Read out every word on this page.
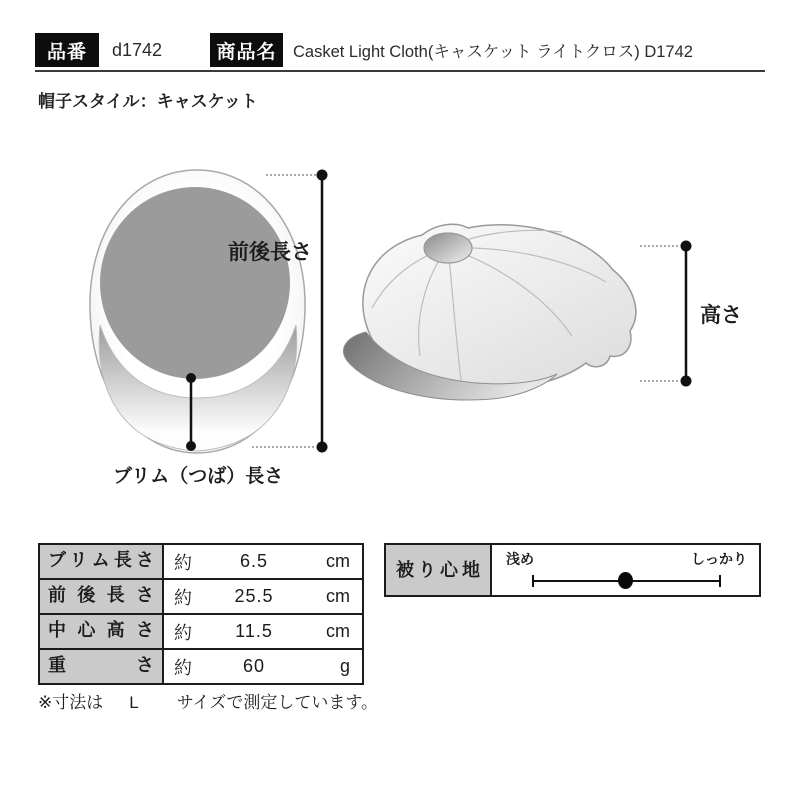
品番	d1742	商品名	Casket Light Cloth(キャスケット ライトクロス) D1742
帽子スタイル：キャスケット
ブリム（つば）長さ
前後長さ
高さ
ブリム長さ	約	6.5	cm
前後長さ	約	25.5	cm
中心高さ	約	11.5	cm
重さ	約	60	g
被り心地
浅め	しっかり
※寸法は L サイズで測定しています。
